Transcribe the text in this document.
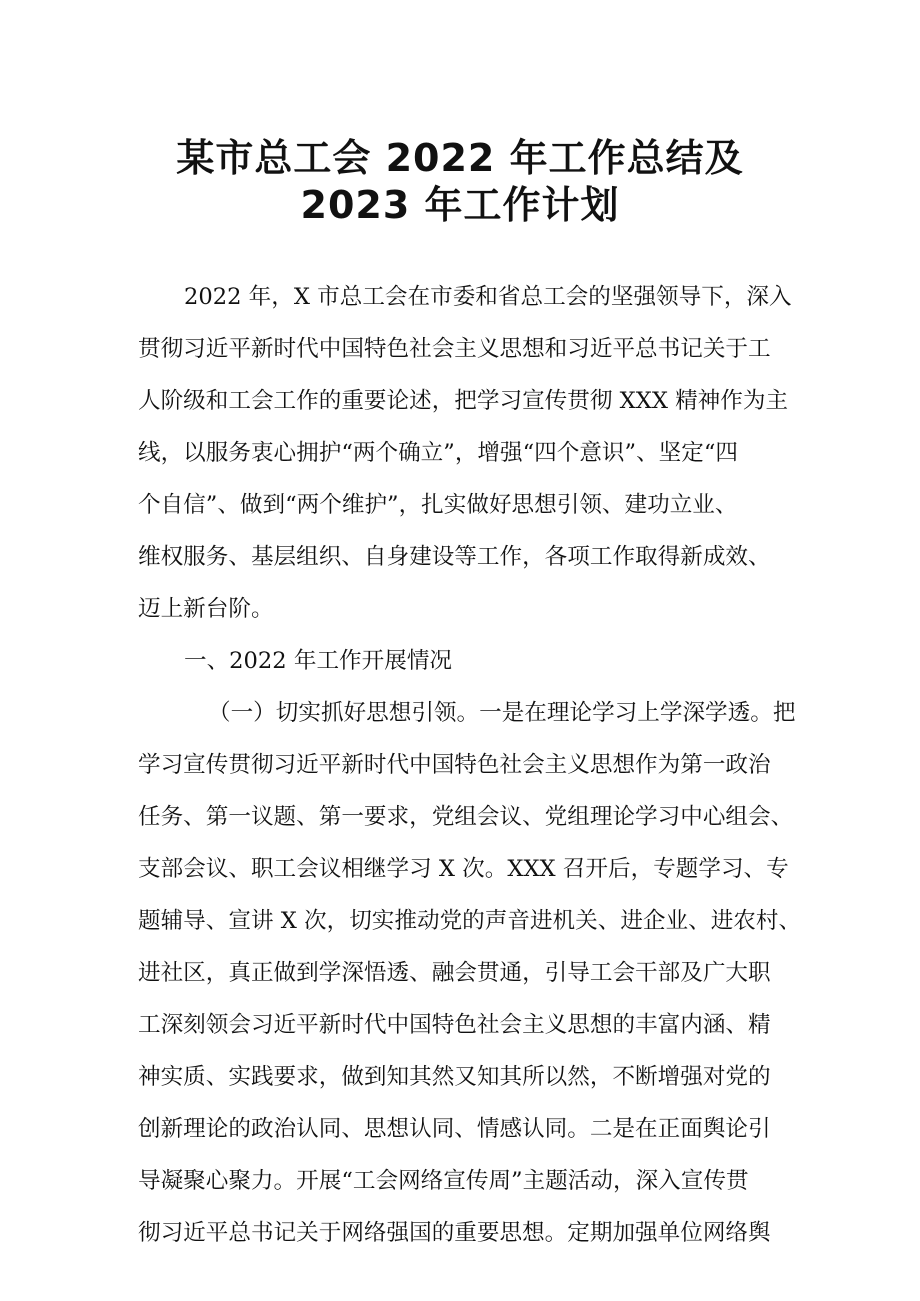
某市总工会 2022 年工作总结及
2023 年工作计划
2022 年，X 市总工会在市委和省总工会的坚强领导下，深入
贯彻习近平新时代中国特色社会主义思想和习近平总书记关于工
人阶级和工会工作的重要论述，把学习宣传贯彻 XXX 精神作为主
线，以服务衷心拥护“两个确立”，增强“四个意识”、坚定“四
个自信”、做到“两个维护”，扎实做好思想引领、建功立业、
维权服务、基层组织、自身建设等工作，各项工作取得新成效、
迈上新台阶。
一、2022 年工作开展情况
（一）切实抓好思想引领。一是在理论学习上学深学透。把
学习宣传贯彻习近平新时代中国特色社会主义思想作为第一政治
任务、第一议题、第一要求，党组会议、党组理论学习中心组会、
支部会议、职工会议相继学习 X 次。XXX 召开后，专题学习、专
题辅导、宣讲 X 次，切实推动党的声音进机关、进企业、进农村、
进社区，真正做到学深悟透、融会贯通，引导工会干部及广大职
工深刻领会习近平新时代中国特色社会主义思想的丰富内涵、精
神实质、实践要求，做到知其然又知其所以然，不断增强对党的
创新理论的政治认同、思想认同、情感认同。二是在正面舆论引
导凝聚心聚力。开展“工会网络宣传周”主题活动，深入宣传贯
彻习近平总书记关于网络强国的重要思想。定期加强单位网络舆
